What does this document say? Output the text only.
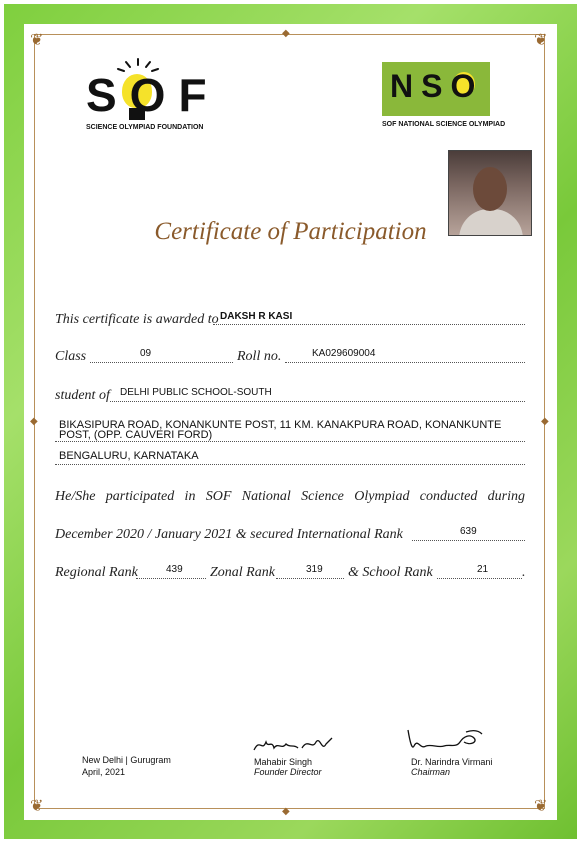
❦	❦
❦	❦
◆
◆
◆	◆
SOF
SCIENCE OLYMPIAD FOUNDATION
NSO
SOF NATIONAL SCIENCE OLYMPIAD
Certificate of Participation
This certificate is awarded to DAKSH R KASI
Class	09	Roll no.	KA029609004
student of DELHI PUBLIC SCHOOL-SOUTH
BIKASIPURA ROAD, KONANKUNTE POST, 11 KM. KANAKPURA ROAD, KONANKUNTE
POST, (OPP. CAUVERI FORD)
BENGALURU, KARNATAKA
He/She participated in SOF National Science Olympiad conducted during
December 2020 / January 2021 & secured International Rank	639
Regional Rank	439 Zonal Rank	319 & School Rank	21 .
New Delhi | Gurugram
April, 2021
Mahabir Singh
Founder Director
Dr. Narindra Virmani
Chairman
